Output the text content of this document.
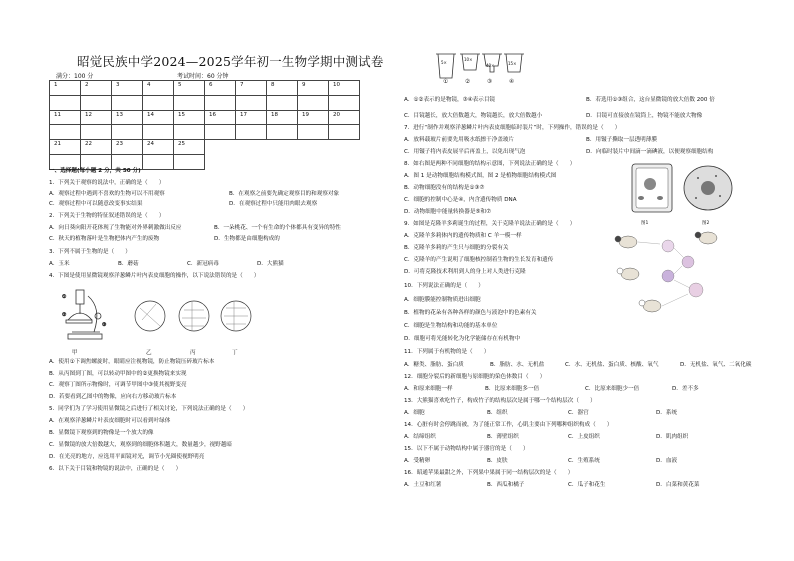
昭觉民族中学2024—2025学年初一生物学期中测试卷
满分：100 分	考试时间：60 分钟
1	2	3	4	5	6	7	8	9	10

11	12	13	14	15	16	17	18	19	20

21	22	23	24	25					

一、选择题(每小题 2 分，共 50 分)
1．下列关于观察的说法中，正确的是（　　）
A．观察过程中遇到不喜欢的生物可以不用观察	B．在观察之前要先确定观察目的和观察对象
C．观察过程中可以随意改变事实结果	D．在观察过程中只能用肉眼去观察
2．下列关于生物的特征叙述错误的是（　　）
A．向日葵向阳开花体现了生物能对外界刺激做出反应	B．一朵桃花、一个有生命的个体都具有变异的特性
C．秋天的植物落叶是生物把体内产生的废物	D．生物都是由细胞构成的
3．下列不属于生物的是（　　）
A．玉米	B．蘑菇	C．新冠病毒	D．大熊猫
4．下图是使用显微镜观察洋葱鳞片叶内表皮细胞的操作，以下说法错误的是（　　）
①
②
③
甲	乙	丙	丁
A．使用①下调焦螺旋时，眼睛应注视物镜，防止物镜压碎玻片标本
B．从丙图到丁图，可以转动甲图中的②更换物镜来实现
C．观察丁图所示物像时，可调节甲图中③使其视野变亮
D．若要看到乙图中的物像，应向右方移动玻片标本
5．同学们为了学习使用显微镜之后进行了相关讨论，下列说法正确的是（　　）
A．在观察洋葱鳞片叶表皮细胞时可以看到叶绿体
B．显微镜下观察到的物像是一个放大的像
C．显微镜的放大倍数越大，观察到的细胞体积越大，数量越少，视野越暗
D．在光亮的地方，应选用平面镜对光，调节小光圈使视野明亮
6．以下关于目镜和物镜的说法中，正确的是（　　）
5×
10×
40×	15×
①	②	③	④
A．①②表示的是物镜，③④表示目镜	B．若选用①③组合，这台显微镜的放大倍数 200 倍
C．目镜越长，放大倍数越大，物镜越长，放大倍数越小	D．目镜可直接放在镜筒上，物镜不能放大物像
7．进行“制作并观察洋葱鳞片叶内表皮细胞临时装片”时，下列操作，错误的是（　　）
A．放料载玻片前要先用吸水纸擦干净盖玻片	B．用镊子撕取一层透明薄膜
C．用镊子将内表皮展平后再盖上，以免出现气泡	D．向临时装片中间滴一滴碘液，以便观察细胞结构
8．如右图是两种不同细胞的结构示意图，下列说法正确的是（　　）
A．图 1 是动物细胞结构模式图，图 2 是植物细胞结构模式图
B．动物细胞没有的结构是①③⑦
C．细胞的控制中心是④，内含遗传物质 DNA
D．动物细胞中能量转换器是⑤和⑦
图1	图2
9．如图是克隆羊多莉诞生的过程，关于克隆羊说法正确的是（　　）
A．克隆羊多莉体内的遗传物质和 C 羊一模一样
B．克隆羊多莉的产生只与细胞的分裂有关
C．克隆羊的产生说明了细胞核控制着生物的生长发育和遗传
D．可将克隆技术利用到人的身上对人类进行克隆
10．下列说法正确的是（　　）
A．细胞膜能控制物质进出细胞
B．植物的花朵有各种各样的颜色与液泡中的色素有关
C．细胞是生物结构和功能的基本单位
D．细胞可将光能转化为化学能储存在有机物中
11．下列属于有机物的是（　　）
A．糖类、脂肪、蛋白质	B．脂肪、水、无机盐	C．水、无机盐、蛋白质、核酸、氧气	D．无机盐、氧气、二氧化碳
12．细胞分裂后的新细胞与原细胞的染色体数目（　　）
A．和原来细胞一样	B．比原来细胞多一倍	C．比原来细胞少一倍	D．差不多
13．大熊猫喜欢吃竹子，构成竹子的结构层次是属于哪一个结构层次（　　）
A．细胞	B．组织	C．器官	D．系统
14．心脏有时会停跳而被，为了能正常工作，心肌主要由下列哪种组织构成（　　）
A．结缔组织	B．薄壁组织	C．上皮组织	D．肌肉组织
15．以下不属于动物结构中属于器官的是（　　）
A．受精卵	B．皮肤	C．生殖系统	D．血液
16．昭通苹果最甜之外，下列果中果属于同一结构层次的是（　　）
A．土豆和红薯	B．西瓜和橘子	C．瓜子和花生	D．白菜和黄花菜
